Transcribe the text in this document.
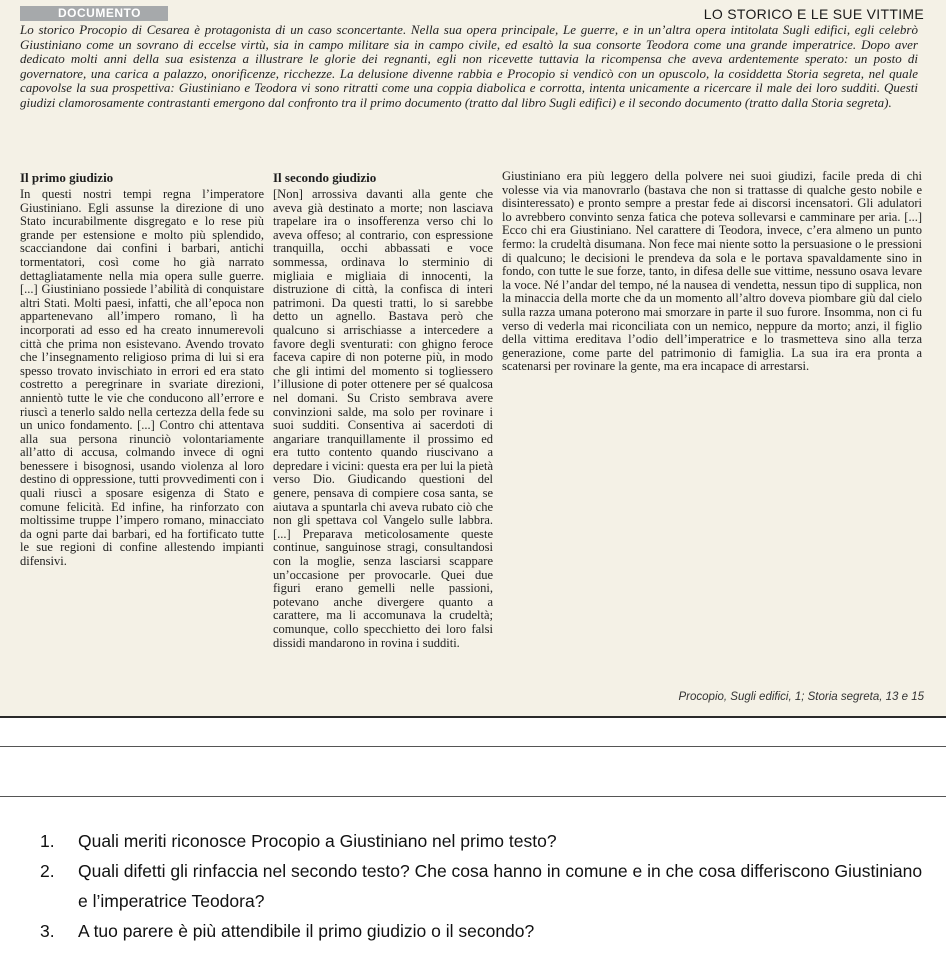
DOCUMENTO	LO STORICO E LE SUE VITTIME

Lo storico Procopio di Cesarea è protagonista di un caso sconcertante. Nella sua opera principale, Le guerre, e in un’altra opera intitolata Sugli edifici, egli celebrò Giustiniano come un sovrano di eccelse virtù, sia in campo militare sia in campo civile, ed esaltò la sua consorte Teodora come una grande imperatrice. Dopo aver dedicato molti anni della sua esistenza a illustrare le glorie dei regnanti, egli non ricevette tuttavia la ricompensa che aveva ardentemente sperato: un posto di governatore, una carica a palazzo, onorificenze, ricchezze. La delusione divenne rabbia e Procopio si vendicò con un opuscolo, la cosiddetta Storia segreta, nel quale capovolse la sua prospettiva: Giustiniano e Teodora vi sono ritratti come una coppia diabolica e corrotta, intenta unicamente a ricercare il male dei loro sudditi. Questi giudizi clamorosamente contrastanti emergono dal confronto tra il primo documento (tratto dal libro Sugli edifici) e il secondo documento (tratto dalla Storia segreta).

Il primo giudizio

In questi nostri tempi regna l’imperatore Giustiniano. Egli assunse la direzione di uno Stato incurabilmente disgregato e lo rese più grande per estensione e molto più splendido, scacciandone dai confini i barbari, antichi tormentatori, così come ho già narrato dettagliatamente nella mia opera sulle guerre. [...] Giustiniano possiede l’abilità di conquistare altri Stati. Molti paesi, infatti, che all’epoca non appartenevano all’impero romano, lì ha incorporati ad esso ed ha creato innumerevoli città che prima non esistevano. Avendo trovato che l’insegnamento religioso prima di lui si era spesso trovato invischiato in errori ed era stato costretto a peregrinare in svariate direzioni, annientò tutte le vie che conducono all’errore e riuscì a tenerlo saldo nella certezza della fede su un unico fondamento. [...] Contro chi attentava alla sua persona rinunciò volontariamente all’atto di accusa, colmando invece di ogni benessere i bisognosi, usando violenza al loro destino di oppressione, tutti provvedimenti con i quali riuscì a sposare esigenza di Stato e comune felicità. Ed infine, ha rinforzato con moltissime truppe l’impero romano, minacciato da ogni parte dai barbari, ed ha fortificato tutte le sue regioni di confine allestendo impianti difensivi.

Il secondo giudizio

[Non] arrossiva davanti alla gente che aveva già destinato a morte; non lasciava trapelare ira o insofferenza verso chi lo aveva offeso; al contrario, con espressione tranquilla, occhi abbassati e voce sommessa, ordinava lo sterminio di migliaia e migliaia di innocenti, la distruzione di città, la confisca di interi patrimoni. Da questi tratti, lo si sarebbe detto un agnello. Bastava però che qualcuno si arrischiasse a intercedere a favore degli sventurati: con ghigno feroce faceva capire di non poterne più, in modo che gli intimi del momento si togliessero l’illusione di poter ottenere per sé qualcosa nel domani. Su Cristo sembrava avere convinzioni salde, ma solo per rovinare i suoi sudditi. Consentiva ai sacerdoti di angariare tranquillamente il prossimo ed era tutto contento quando riuscivano a depredare i vicini: questa era per lui la pietà verso Dio. Giudicando questioni del genere, pensava di compiere cosa santa, se aiutava a spuntarla chi aveva rubato ciò che non gli spettava col Vangelo sulle labbra. [...] Preparava meticolosamente queste continue, sanguinose stragi, consultandosi con la moglie, senza lasciarsi scappare un’occasione per provocarle. Quei due figuri erano gemelli nelle passioni, potevano anche divergere quanto a carattere, ma li accomunava la crudeltà; comunque, collo specchietto dei loro falsi dissidi mandarono in rovina i sudditi.

Giustiniano era più leggero della polvere nei suoi giudizi, facile preda di chi volesse via via manovrarlo (bastava che non si trattasse di qualche gesto nobile e disinteressato) e pronto sempre a prestar fede ai discorsi incensatori. Gli adulatori lo avrebbero convinto senza fatica che poteva sollevarsi e camminare per aria. [...] Ecco chi era Giustiniano. Nel carattere di Teodora, invece, c’era almeno un punto fermo: la crudeltà disumana. Non fece mai niente sotto la persuasione o le pressioni di qualcuno; le decisioni le prendeva da sola e le portava spavaldamente sino in fondo, con tutte le sue forze, tanto, in difesa delle sue vittime, nessuno osava levare la voce. Né l’andar del tempo, né la nausea di vendetta, nessun tipo di supplica, non la minaccia della morte che da un momento all’altro doveva piombare giù dal cielo sulla razza umana poterono mai smorzare in parte il suo furore. Insomma, non ci fu verso di vederla mai riconciliata con un nemico, neppure da morto; anzi, il figlio della vittima ereditava l’odio dell’imperatrice e lo trasmetteva sino alla terza generazione, come parte del patrimonio di famiglia. La sua ira era pronta a scatenarsi per rovinare la gente, ma era incapace di arrestarsi.

Procopio, Sugli edifici, 1; Storia segreta, 13 e 15
1. Quali meriti riconosce Procopio a Giustiniano nel primo testo?
2. Quali difetti gli rinfaccia nel secondo testo? Che cosa hanno in comune e in che cosa differiscono Giustiniano e l’imperatrice Teodora?
3. A tuo parere è più attendibile il primo giudizio o il secondo?
